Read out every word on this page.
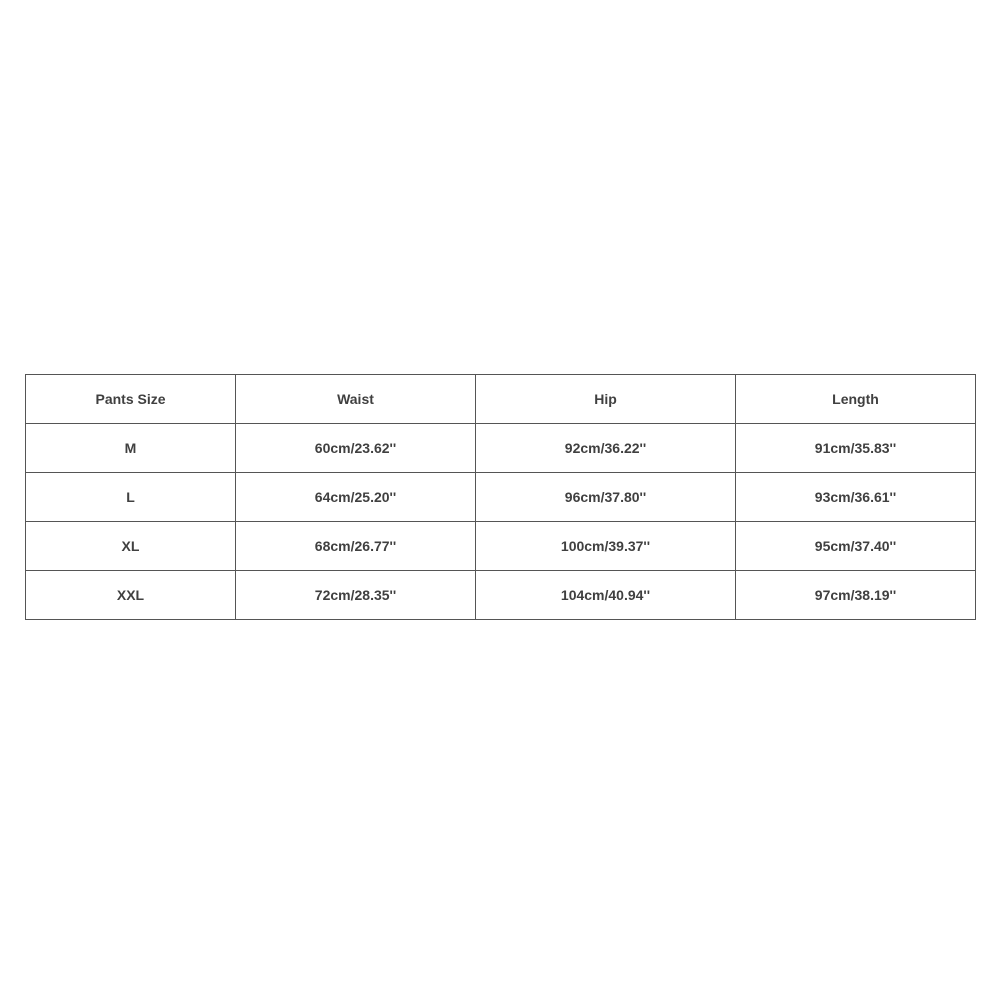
Pants Size	Waist	Hip	Length
M	60cm/23.62''	92cm/36.22''	91cm/35.83''
L	64cm/25.20''	96cm/37.80''	93cm/36.61''
XL	68cm/26.77''	100cm/39.37''	95cm/37.40''
XXL	72cm/28.35''	104cm/40.94''	97cm/38.19''
